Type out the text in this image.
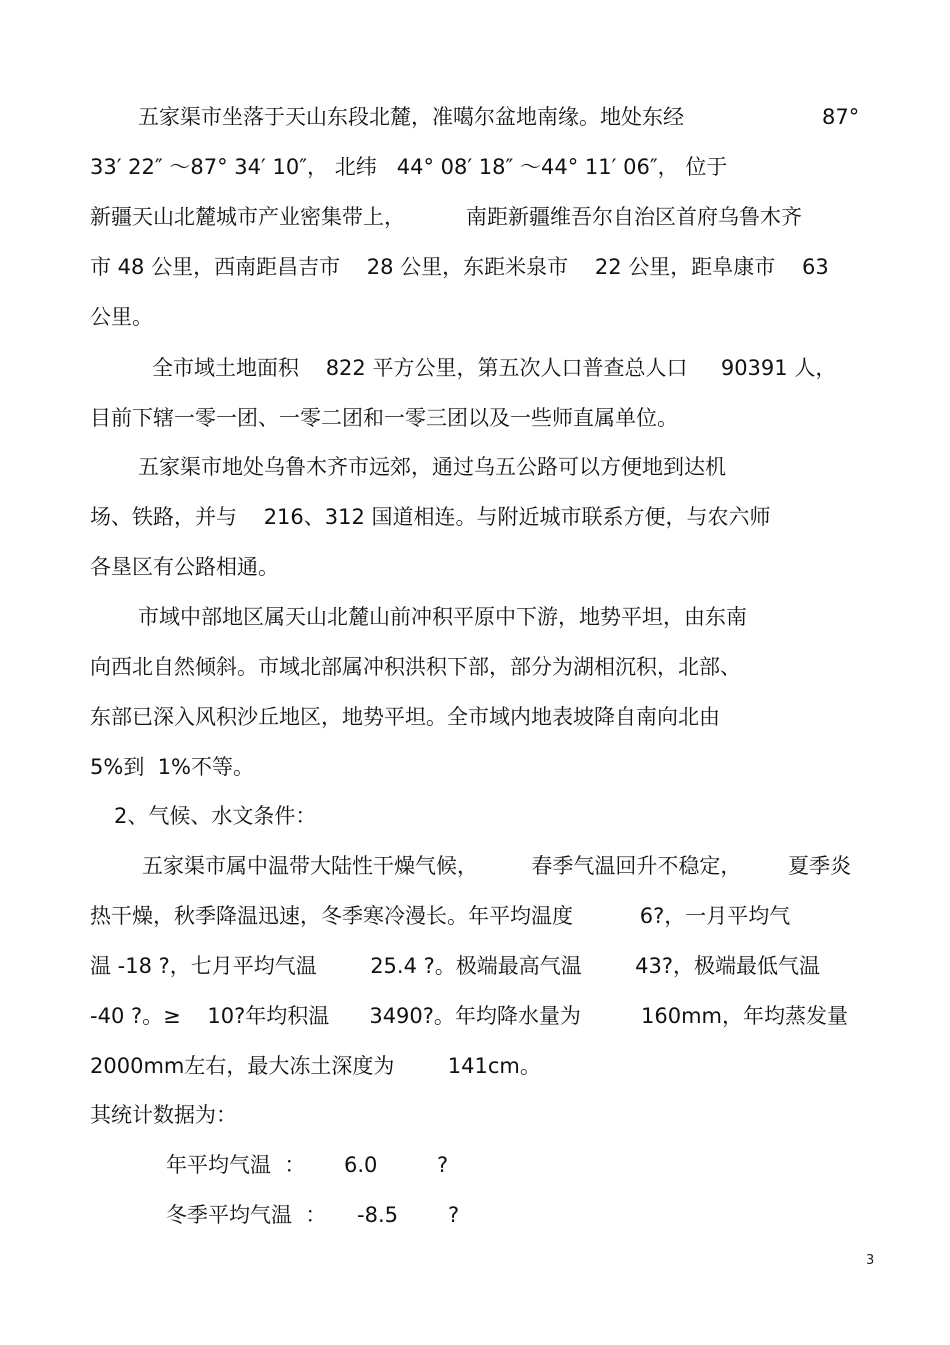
五家渠市坐落于天山东段北麓，准噶尔盆地南缘。地处东经	87°
33′ 22″ ～87° 34′ 10″， 北纬   44° 08′ 18″ ～44° 11′ 06″， 位于
新疆天山北麓城市产业密集带上，	南距新疆维吾尔自治区首府乌鲁木齐
市 48 公里，西南距昌吉市    28 公里，东距米泉市    22 公里，距阜康市    63
公里。
全市域土地面积    822 平方公里，第五次人口普查总人口     90391 人，
目前下辖一零一团、一零二团和一零三团以及一些师直属单位。
五家渠市地处乌鲁木齐市远郊，通过乌五公路可以方便地到达机
场、铁路，并与    216、312 国道相连。与附近城市联系方便，与农六师
各垦区有公路相通。
市域中部地区属天山北麓山前冲积平原中下游，地势平坦，由东南
向西北自然倾斜。市域北部属冲积洪积下部，部分为湖相沉积，北部、
东部已深入风积沙丘地区，地势平坦。全市域内地表坡降自南向北由
5%到  1%不等。
2、气候、水文条件：
五家渠市属中温带大陆性干燥气候，        春季气温回升不稳定，       夏季炎
热干燥，秋季降温迅速，冬季寒冷漫长。年平均温度          6?，一月平均气
温 -18 ?，七月平均气温        25.4 ?。极端最高气温        43?，极端最低气温
-40 ?。≥    10?年均积温      3490?。年均降水量为         160mm，年均蒸发量
2000mm左右，最大冻土深度为        141cm。
其统计数据为：
年平均气温  ： 6.0	?
冬季平均气温  ： -8.5 ?
3
